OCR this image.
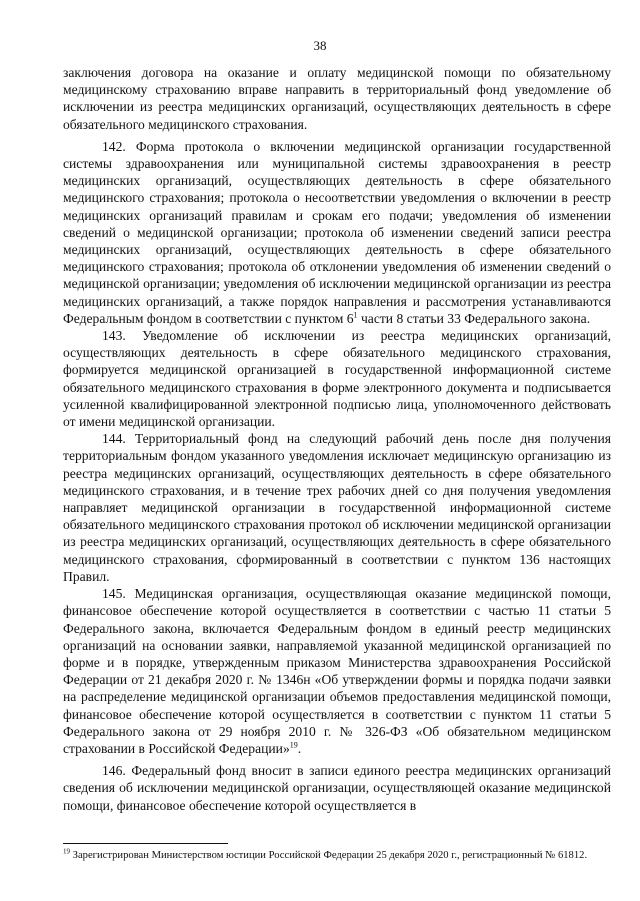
38

заключения договора на оказание и оплату медицинской помощи по обязательному медицинскому страхованию вправе направить в территориальный фонд уведомление об исключении из реестра медицинских организаций, осуществляющих деятельность в сфере обязательного медицинского страхования.

142. Форма протокола о включении медицинской организации государственной системы здравоохранения или муниципальной системы здравоохранения в реестр медицинских организаций, осуществляющих деятельность в сфере обязательного медицинского страхования; протокола о несоответствии уведомления о включении в реестр медицинских организаций правилам и срокам его подачи; уведомления об изменении сведений о медицинской организации; протокола об изменении сведений записи реестра медицинских организаций, осуществляющих деятельность в сфере обязательного медицинского страхования; протокола об отклонении уведомления об изменении сведений о медицинской организации; уведомления об исключении медицинской организации из реестра медицинских организаций, а также порядок направления и рассмотрения устанавливаются Федеральным фондом в соответствии с пунктом $6^1$ части 8 статьи 33 Федерального закона.

143. Уведомление об исключении из реестра медицинских организаций, осуществляющих деятельность в сфере обязательного медицинского страхования, формируется медицинской организацией в государственной информационной системе обязательного медицинского страхования в форме электронного документа и подписывается усиленной квалифицированной электронной подписью лица, уполномоченного действовать от имени медицинской организации.

144. Территориальный фонд на следующий рабочий день после дня получения территориальным фондом указанного уведомления исключает медицинскую организацию из реестра медицинских организаций, осуществляющих деятельность в сфере обязательного медицинского страхования, и в течение трех рабочих дней со дня получения уведомления направляет медицинской организации в государственной информационной системе обязательного медицинского страхования протокол об исключении медицинской организации из реестра медицинских организаций, осуществляющих деятельность в сфере обязательного медицинского страхования, сформированный в соответствии с пунктом 136 настоящих Правил.

145. Медицинская организация, осуществляющая оказание медицинской помощи, финансовое обеспечение которой осуществляется в соответствии с частью 11 статьи 5 Федерального закона, включается Федеральным фондом в единый реестр медицинских организаций на основании заявки, направляемой указанной медицинской организацией по форме и в порядке, утвержденным приказом Министерства здравоохранения Российской Федерации от 21 декабря 2020 г. № 1346н «Об утверждении формы и порядка подачи заявки на распределение медицинской организации объемов предоставления медицинской помощи, финансовое обеспечение которой осуществляется в соответствии с пунктом 11 статьи 5 Федерального закона от 29 ноября 2010 г. № 326-ФЗ «Об обязательном медицинском страховании в Российской Федерации»$^{19}$.

146. Федеральный фонд вносит в записи единого реестра медицинских организаций сведения об исключении медицинской организации, осуществляющей оказание медицинской помощи, финансовое обеспечение которой осуществляется в

$^{19}$ Зарегистрирован Министерством юстиции Российской Федерации 25 декабря 2020 г., регистрационный № 61812.
